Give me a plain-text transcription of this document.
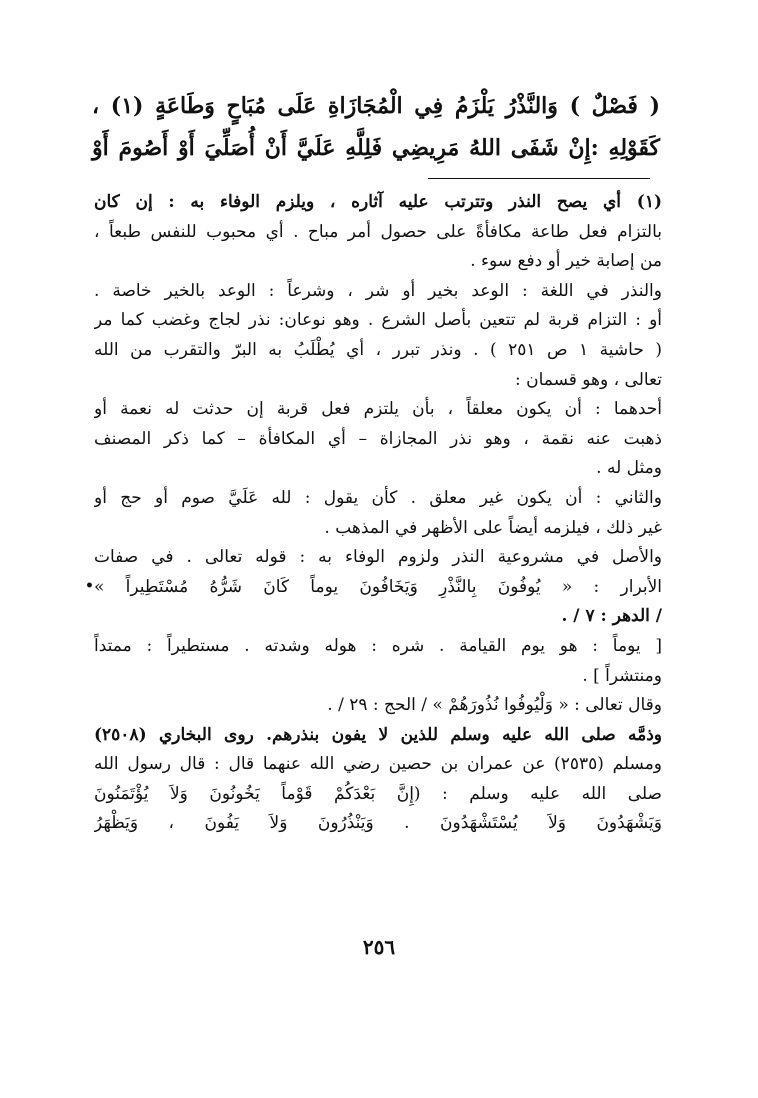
( فَصْلٌ ) وَالنَّذْرُ يَلْزَمُ فِي الْمُجَازَاةِ عَلَى مُبَاحٍ وَطَاعَةٍ (١) ،
كَقَوْلِهِ :إِنْ شَفَى اللهُ مَرِيضِي فَلِلَّهِ عَلَيَّ أَنْ أُصَلِّيَ أَوْ أَصُومَ أَوْ
(١) أي يصح النذر وتترتب عليه آثاره ، ويلزم الوفاء به : إن كان
بالتزام فعل طاعة مكافأةً على حصول أمر مباح . أي محبوب للنفس طبعاً ،
من إصابة خير أو دفع سوء .
والنذر في اللغة : الوعد بخير أو شر ، وشرعاً : الوعد بالخير خاصة .
أو : التزام قربة لم تتعين بأصل الشرع . وهو نوعان: نذر لجاج وغضب كما مر
( حاشية ١ ص ٢٥١ ) . ونذر تبرر ، أي يُطْلَبُ به البرّ والتقرب من الله
تعالى ، وهو قسمان :
أحدهما : أن يكون معلقاً ، بأن يلتزم فعل قربة إن حدثت له نعمة أو
ذهبت عنه نقمة ، وهو نذر المجازاة – أي المكافأة – كما ذكر المصنف
ومثل له .
والثاني : أن يكون غير معلق . كأن يقول : لله عَلَيَّ صوم أو حج أو
غير ذلك ، فيلزمه أيضاً على الأظهر في المذهب .
والأصل في مشروعية النذر ولزوم الوفاء به : قوله تعالى . في صفات
الأبرار : « يُوفُونَ بِالنَّذْرِ وَيَخَافُونَ يوماً كَانَ شَرُّهُ مُسْتَطِيراً »
/ الدهر : ٧ / .
[ يوماً : هو يوم القيامة . شره : هوله وشدته . مستطيراً : ممتداً
ومنتشراً ] .
وقال تعالى : « وَلْيُوفُوا نُذُورَهُمْ » / الحج : ٢٩ / .
وذمَّه صلى الله عليه وسلم للذين لا يفون بنذرهم. روى البخاري (٢٥٠٨)
ومسلم (٢٥٣٥) عن عمران بن حصين رضي الله عنهما قال : قال رسول الله
صلى الله عليه وسلم : (إِنَّ بَعْدَكُمْ قَوْماً يَخُونُونَ وَلاَ يُؤْتَمَنُونَ
وَيَشْهَدُونَ وَلاَ يُسْتَشْهَدُونَ . وَيَنْذُرُونَ وَلاَ يَفُونَ ، وَيَظْهَرُ
•
٢٥٦
